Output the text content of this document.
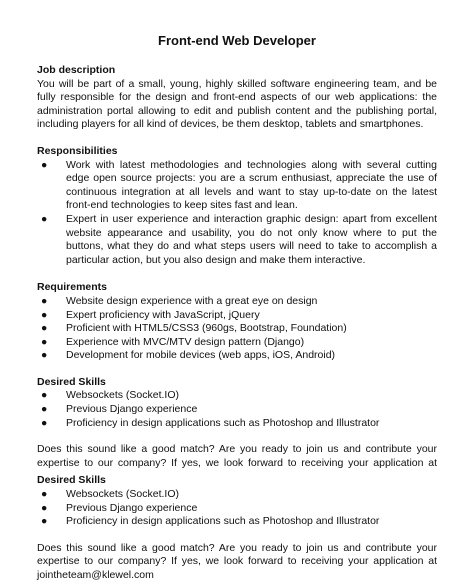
Front-end Web Developer
Job description
You will be part of a small, young, highly skilled software engineering team, and be fully responsible for the design and front-end aspects of our web applications: the administration portal allowing to edit and publish content and the publishing portal, including players for all kind of devices, be them desktop, tablets and smartphones.
Responsibilities
● Work with latest methodologies and technologies along with several cutting edge open source projects: you are a scrum enthusiast, appreciate the use of continuous integration at all levels and want to stay up-to-date on the latest front-end technologies to keep sites fast and lean.
● Expert in user experience and interaction graphic design: apart from excellent website appearance and usability, you do not only know where to put the buttons, what they do and what steps users will need to take to accomplish a particular action, but you also design and make them interactive.
Requirements
● Website design experience with a great eye on design
● Expert proficiency with JavaScript, jQuery
● Proficient with HTML5/CSS3 (960gs, Bootstrap, Foundation)
● Experience with MVC/MTV design pattern (Django)
● Development for mobile devices (web apps, iOS, Android)
Desired Skills
● Websockets (Socket.IO)
● Previous Django experience
● Proficiency in design applications such as Photoshop and Illustrator
Does this sound like a good match? Are you ready to join us and contribute your expertise to our company? If yes, we look forward to receiving your application at
Desired Skills
● Websockets (Socket.IO)
● Previous Django experience
● Proficiency in design applications such as Photoshop and Illustrator
Does this sound like a good match? Are you ready to join us and contribute your expertise to our company? If yes, we look forward to receiving your application at
jointheteam@klewel.com
